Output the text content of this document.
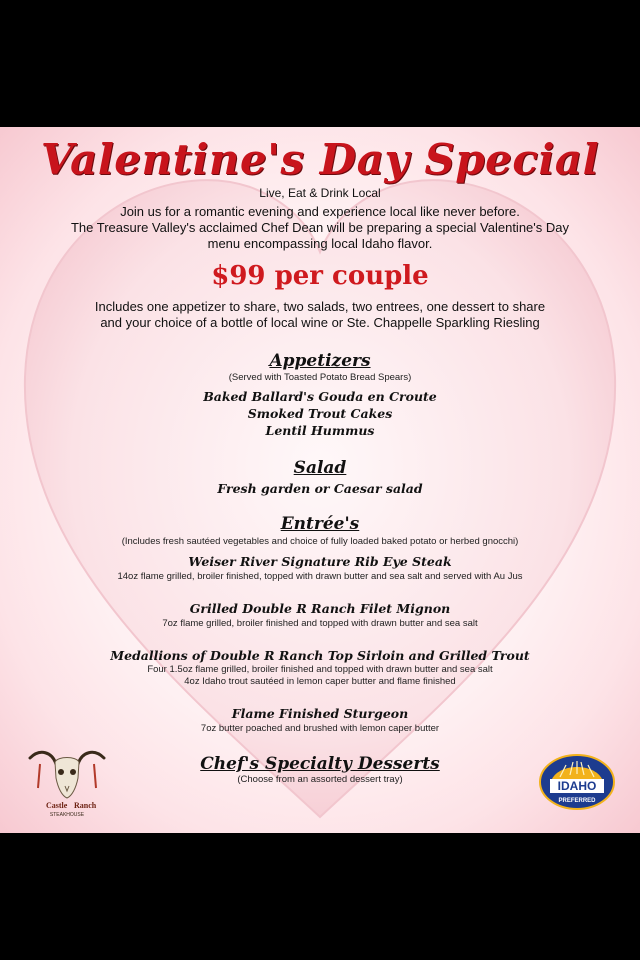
Valentine's Day Special
Live, Eat & Drink Local
Join us for a romantic evening and experience local like never before.
The Treasure Valley's acclaimed Chef Dean will be preparing a special Valentine's Day
menu encompassing local Idaho flavor.
$99 per couple
Includes one appetizer to share, two salads, two entrees, one dessert to share
and your choice of a bottle of local wine or Ste. Chappelle Sparkling Riesling
Appetizers
(Served with Toasted Potato Bread Spears)
Baked Ballard's Gouda en Croute
Smoked Trout Cakes
Lentil Hummus
Salad
Fresh garden or Caesar salad
Entrée's
(Includes fresh sautéed vegetables and choice of fully loaded baked potato or herbed gnocchi)
Weiser River Signature Rib Eye Steak
14oz flame grilled, broiler finished, topped with drawn butter and sea salt and served with Au Jus
Grilled Double R Ranch Filet Mignon
7oz flame grilled, broiler finished and topped with drawn butter and sea salt
Medallions of Double R Ranch Top Sirloin and Grilled Trout
Four 1.5oz flame grilled, broiler finished and topped with drawn butter and sea salt
4oz Idaho trout sautéed in lemon caper butter and flame finished
Flame Finished Sturgeon
7oz butter poached and brushed with lemon caper butter
Chef's Specialty Desserts
(Choose from an assorted dessert tray)
Castle Ranch
STEAKHOUSE
IDAHO
PREFERRED
